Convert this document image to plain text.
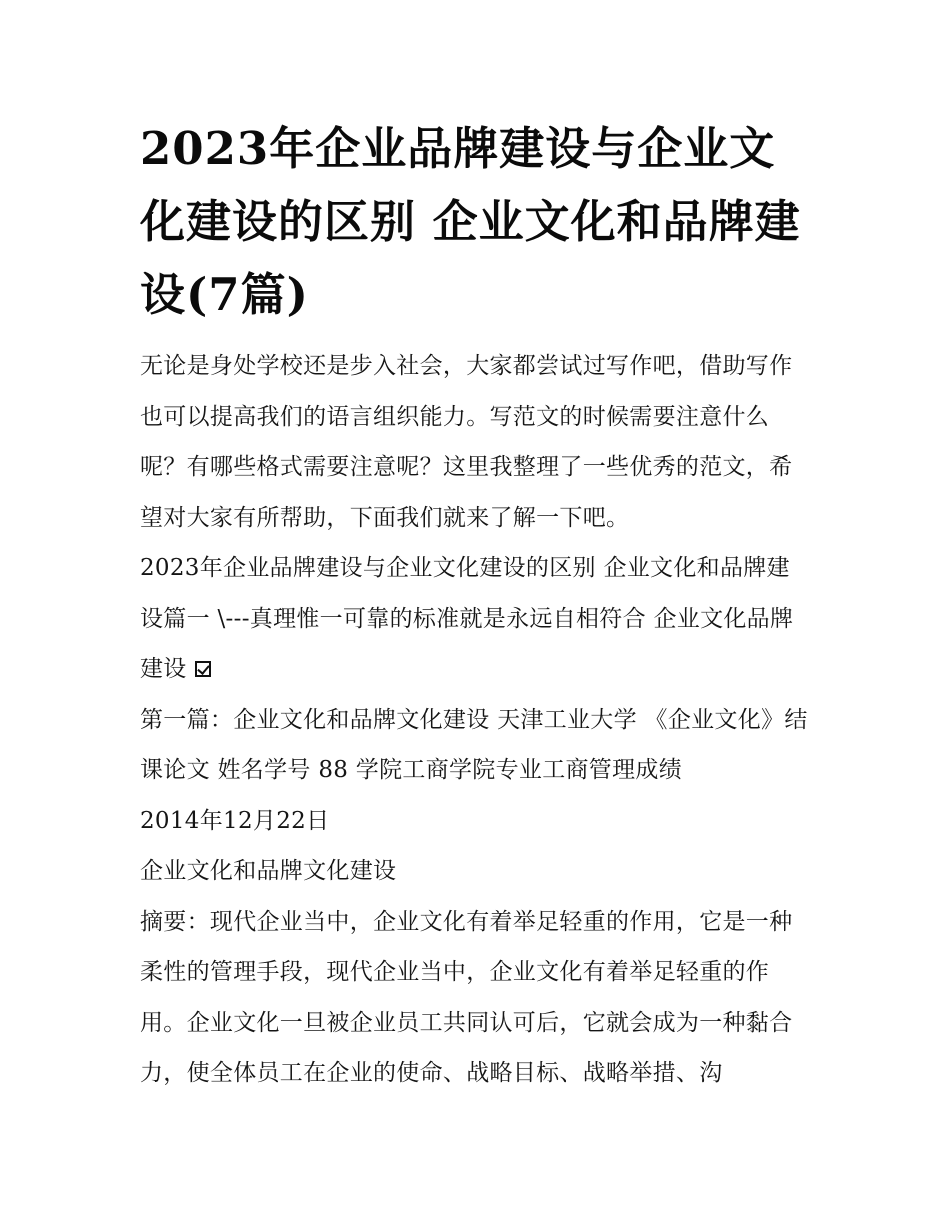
2023年企业品牌建设与企业文化建设的区别 企业文化和品牌建设(7篇)

无论是身处学校还是步入社会，大家都尝试过写作吧，借助写作也可以提高我们的语言组织能力。写范文的时候需要注意什么呢？有哪些格式需要注意呢？这里我整理了一些优秀的范文，希望对大家有所帮助，下面我们就来了解一下吧。

2023年企业品牌建设与企业文化建设的区别 企业文化和品牌建设篇一 \---真理惟一可靠的标准就是永远自相符合 企业文化品牌建设

第一篇：企业文化和品牌文化建设 天津工业大学 《企业文化》结课论文 姓名学号 88 学院工商学院专业工商管理成绩

2014年12月22日

企业文化和品牌文化建设

摘要：现代企业当中，企业文化有着举足轻重的作用，它是一种柔性的管理手段，现代企业当中，企业文化有着举足轻重的作用。企业文化一旦被企业员工共同认可后，它就会成为一种黏合力，使全体员工在企业的使命、战略目标、战略举措、沟
